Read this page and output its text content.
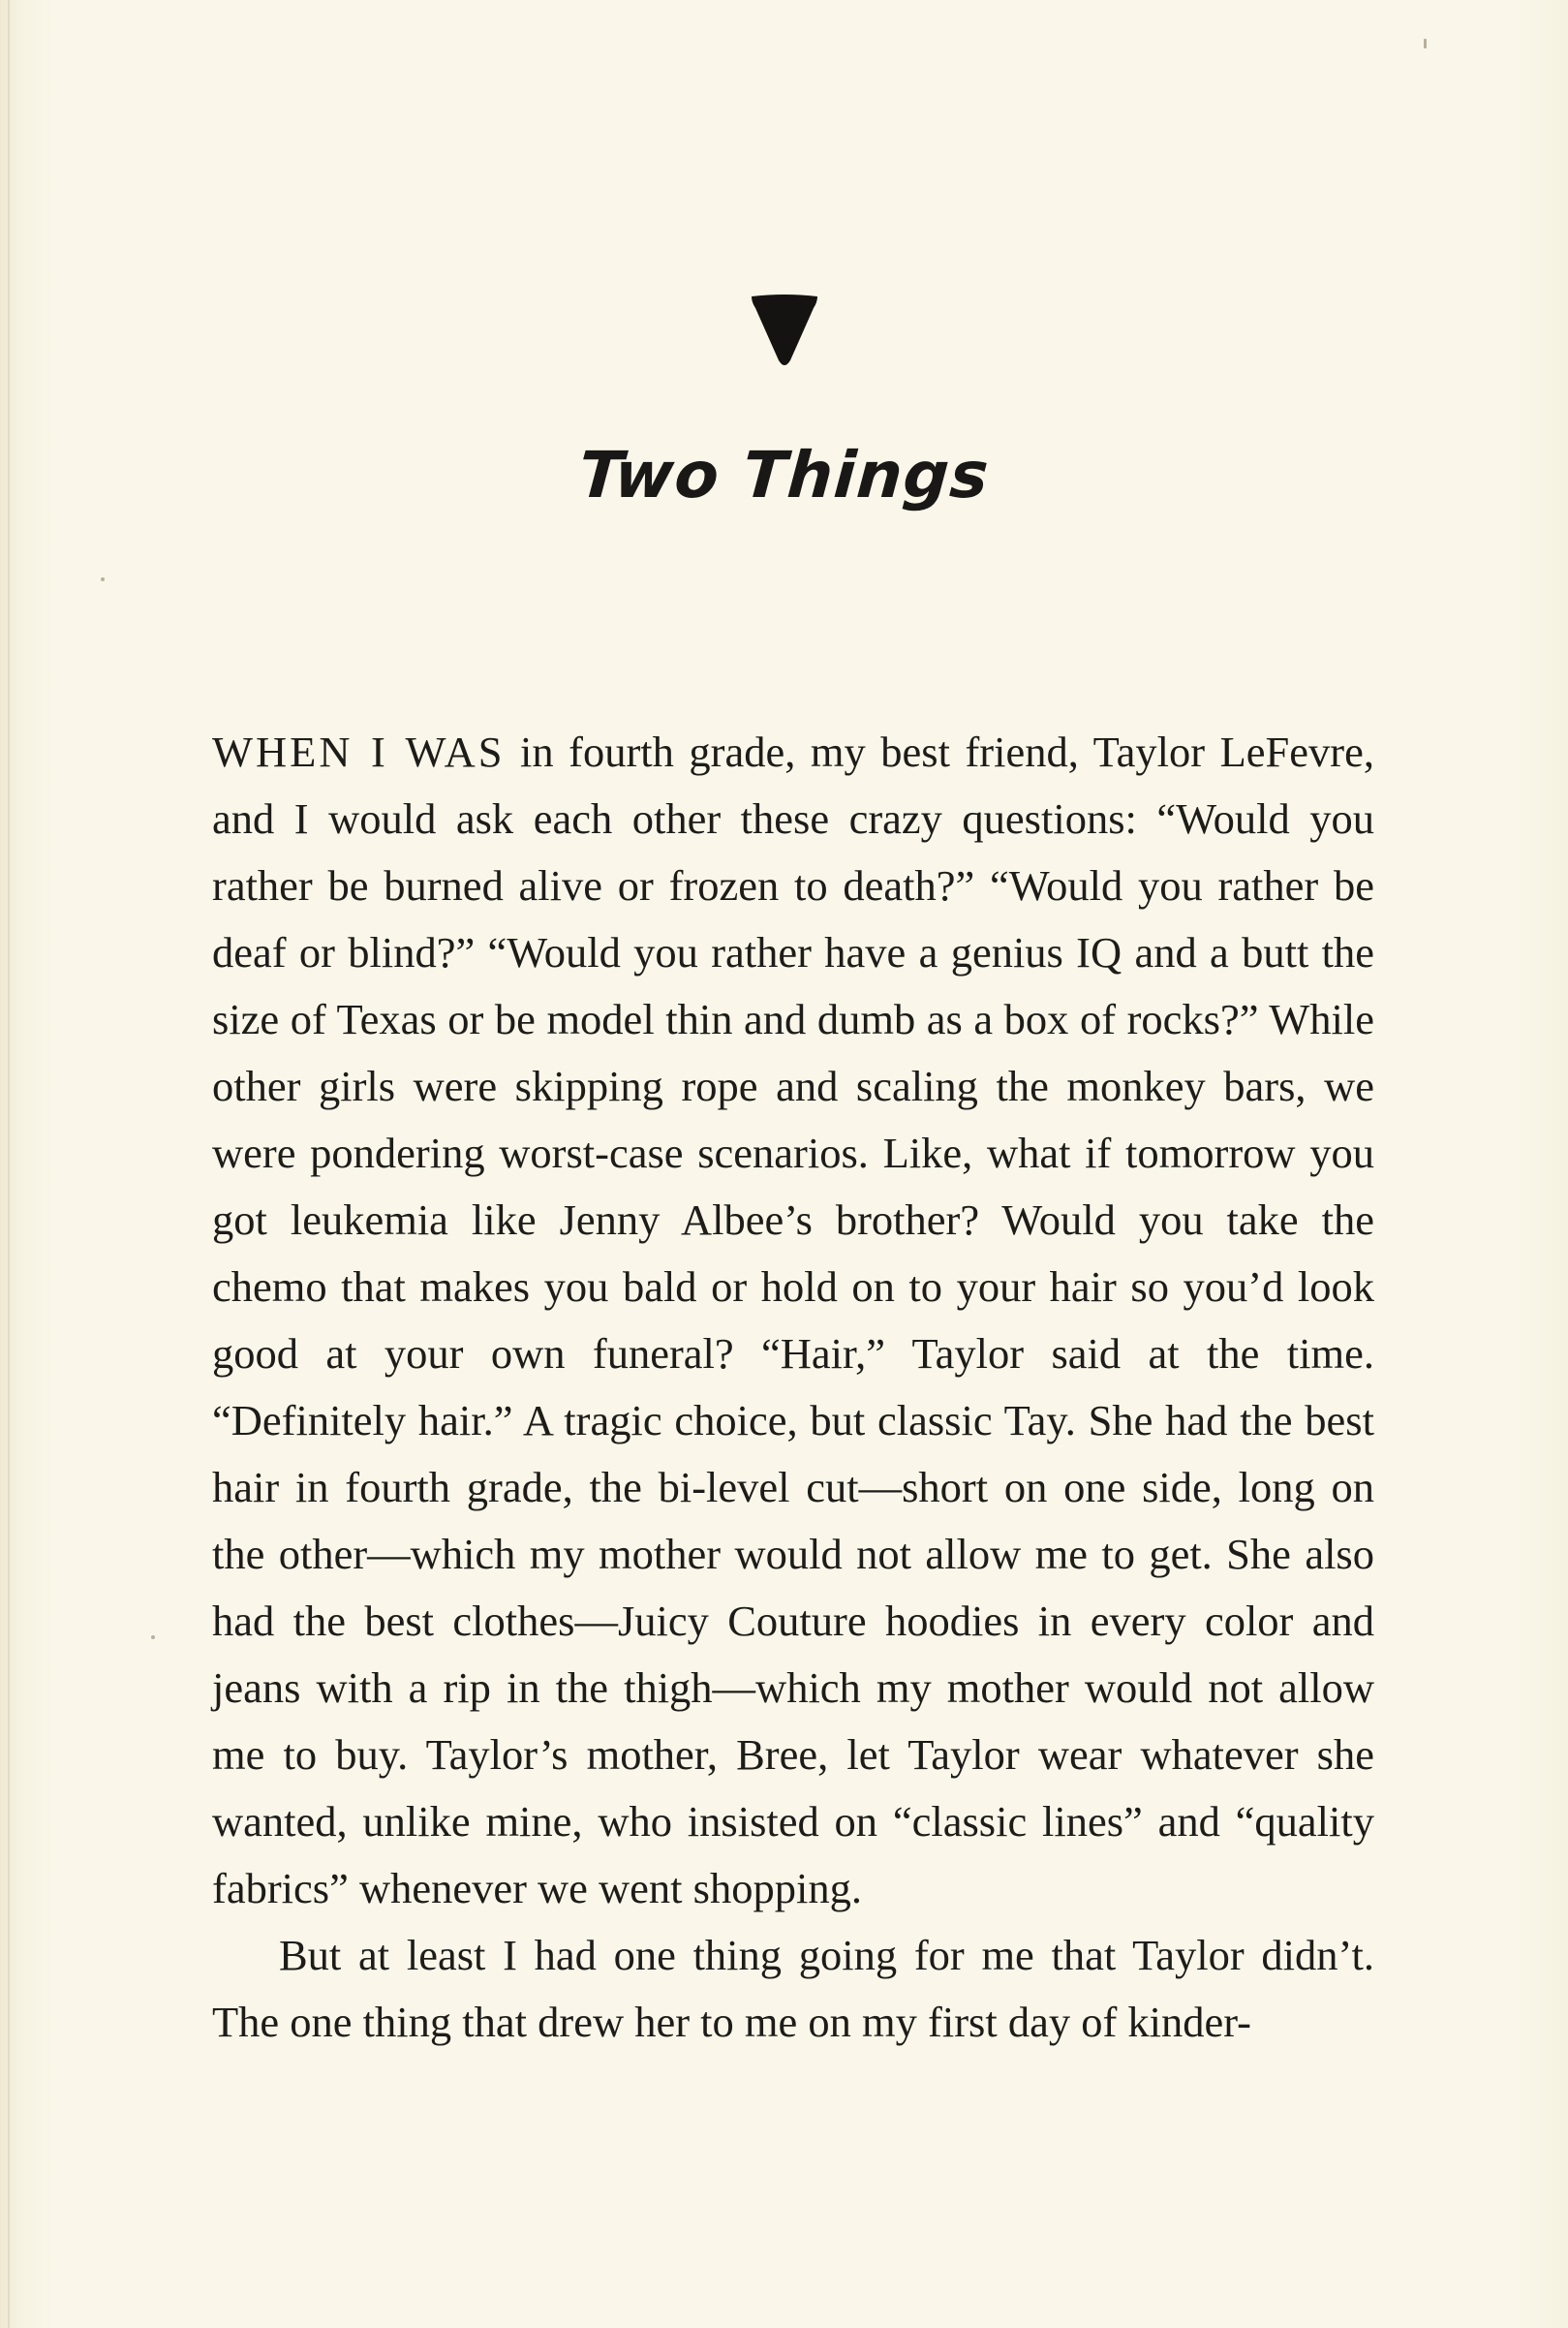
Two Things

WHEN I WAS in fourth grade, my best friend, Taylor LeFevre, and I would ask each other these crazy questions: “Would you rather be burned alive or frozen to death?” “Would you rather be deaf or blind?” “Would you rather have a genius IQ and a butt the size of Texas or be model thin and dumb as a box of rocks?” While other girls were skipping rope and scaling the monkey bars, we were pondering worst-case scenarios. Like, what if tomorrow you got leukemia like Jenny Albee’s brother? Would you take the chemo that makes you bald or hold on to your hair so you’d look good at your own funeral? “Hair,” Taylor said at the time. “Definitely hair.” A tragic choice, but classic Tay. She had the best hair in fourth grade, the bi-level cut—short on one side, long on the other—which my mother would not allow me to get. She also had the best clothes—Juicy Couture hoodies in every color and jeans with a rip in the thigh—which my mother would not allow me to buy. Taylor’s mother, Bree, let Taylor wear whatever she wanted, unlike mine, who insisted on “classic lines” and “quality fabrics” whenever we went shopping.

But at least I had one thing going for me that Taylor didn’t. The one thing that drew her to me on my first day of kinder-
